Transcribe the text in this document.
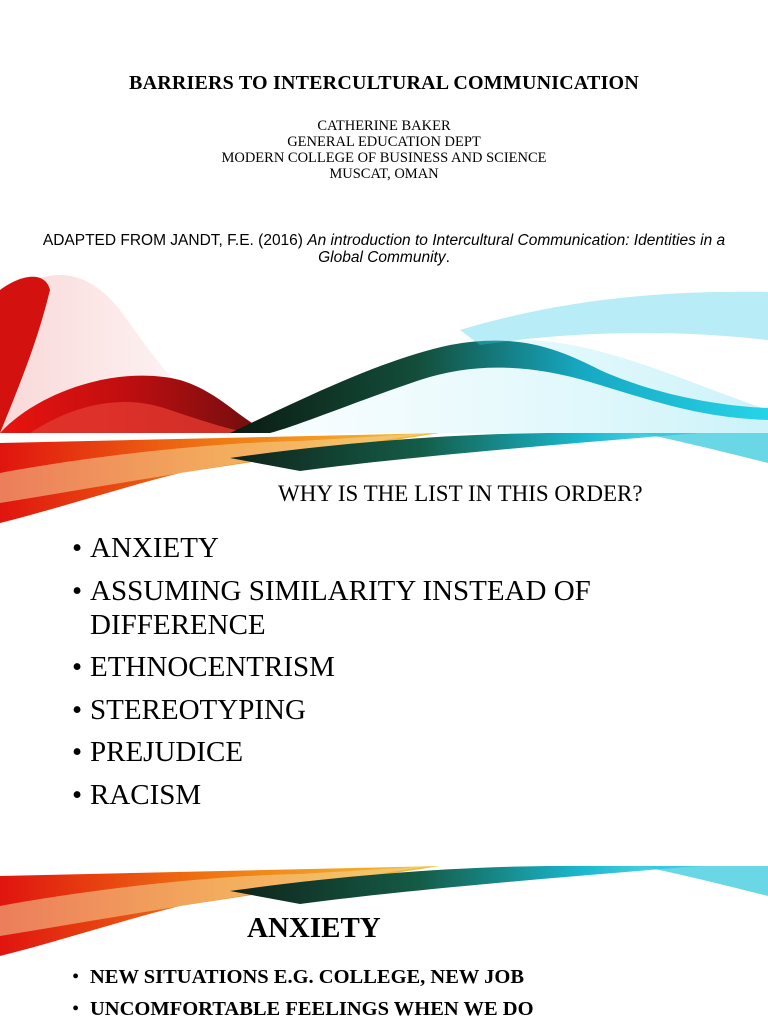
BARRIERS TO INTERCULTURAL COMMUNICATION
CATHERINE BAKER
GENERAL EDUCATION DEPT
MODERN COLLEGE OF BUSINESS AND SCIENCE
MUSCAT, OMAN
ADAPTED FROM JANDT, F.E. (2016) An introduction to Intercultural Communication: Identities in a Global Community.
WHY IS THE LIST IN THIS ORDER?
• ANXIETY
• ASSUMING SIMILARITY INSTEAD OF DIFFERENCE
• ETHNOCENTRISM
• STEREOTYPING
• PREJUDICE
• RACISM
ANXIETY
• NEW SITUATIONS E.G. COLLEGE, NEW JOB
• UNCOMFORTABLE FEELINGS WHEN WE DO
